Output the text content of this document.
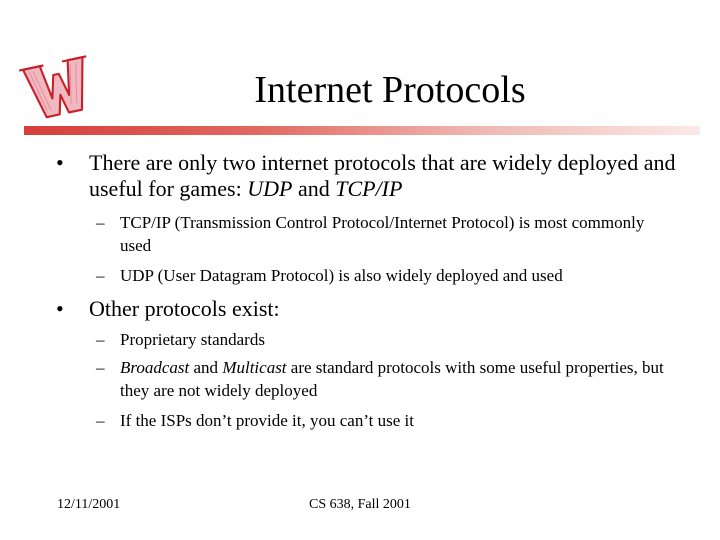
Internet Protocols
• There are only two internet protocols that are widely deployed and useful for games: UDP and TCP/IP
– TCP/IP (Transmission Control Protocol/Internet Protocol) is most commonly used
– UDP (User Datagram Protocol) is also widely deployed and used
• Other protocols exist:
– Proprietary standards
– Broadcast and Multicast are standard protocols with some useful properties, but they are not widely deployed
– If the ISPs don’t provide it, you can’t use it
12/11/2001	CS 638, Fall 2001
